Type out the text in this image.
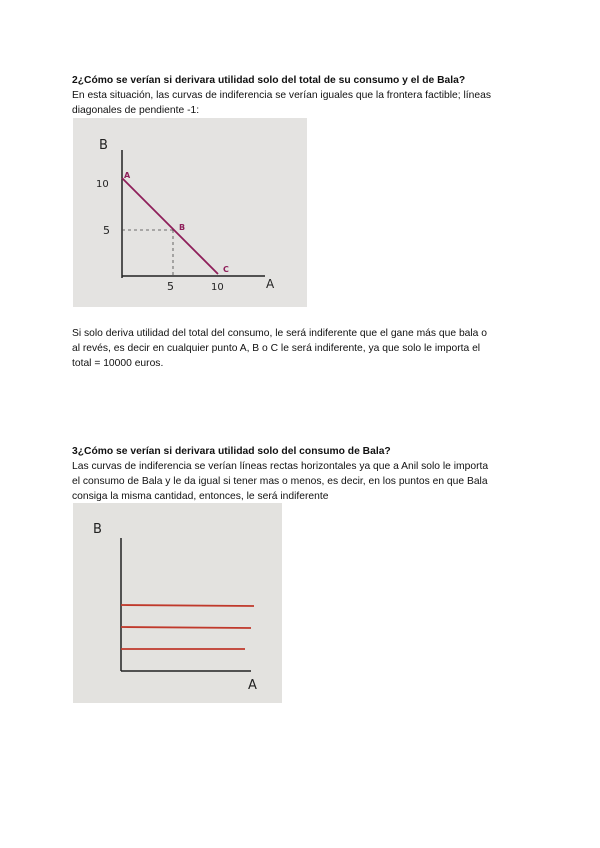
2¿Cómo se verían si derivara utilidad solo del total de su consumo y el de Bala?

En esta situación, las curvas de indiferencia se verían iguales que la frontera factible; líneas

diagonales de pendiente -1:

B
A
10
5
5	10
A
B
C

Si solo deriva utilidad del total del consumo, le será indiferente que el gane más que bala o

al revés, es decir en cualquier punto A, B o C le será indiferente, ya que solo le importa el

total = 10000 euros.

3¿Cómo se verían si derivara utilidad solo del consumo de Bala?

Las curvas de indiferencia se verían líneas rectas horizontales ya que a Anil solo le importa

el consumo de Bala y le da igual si tener mas o menos, es decir, en los puntos en que Bala

consiga la misma cantidad, entonces, le será indiferente

B
A
